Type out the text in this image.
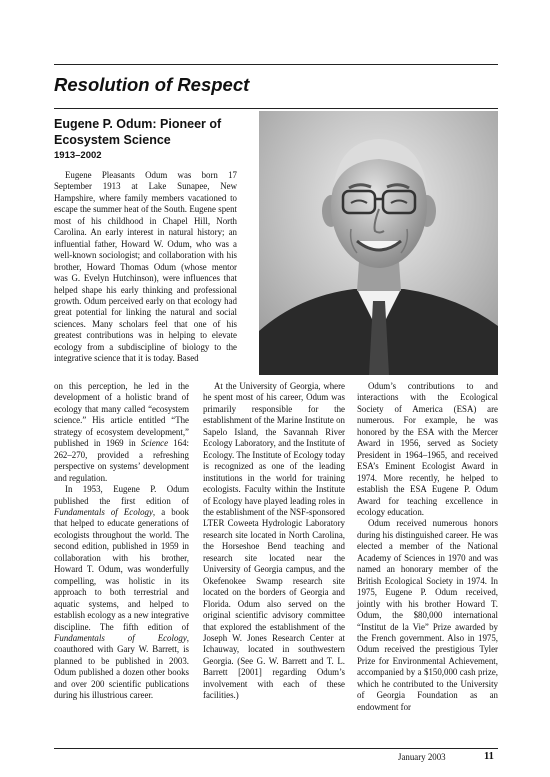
Resolution of Respect
Eugene P. Odum: Pioneer of Ecosystem Science

1913–2002

Eugene Pleasants Odum was born 17 September 1913 at Lake Sunapee, New Hampshire, where family members vacationed to escape the summer heat of the South. Eugene spent most of his childhood in Chapel Hill, North Carolina. An early interest in natural history; an influential father, Howard W. Odum, who was a well-known sociologist; and collaboration with his brother, Howard Thomas Odum (whose mentor was G. Evelyn Hutchinson), were influences that helped shape his early thinking and professional growth. Odum perceived early on that ecology had great potential for linking the natural and social sciences. Many scholars feel that one of his greatest contributions was in helping to elevate ecology from a subdiscipline of biology to the integrative science that it is today. Based

on this perception, he led in the development of a holistic brand of ecology that many called “ecosystem science.” His article entitled “The strategy of ecosystem development,” published in 1969 in Science 164: 262–270, provided a refreshing perspective on systems’ development and regulation.

In 1953, Eugene P. Odum published the first edition of Fundamentals of Ecology, a book that helped to educate generations of ecologists throughout the world. The second edition, published in 1959 in collaboration with his brother, Howard T. Odum, was wonderfully compelling, was holistic in its approach to both terrestrial and aquatic systems, and helped to establish ecology as a new integrative discipline. The fifth edition of Fundamentals of Ecology, coauthored with Gary W. Barrett, is planned to be published in 2003. Odum published a dozen other books and over 200 scientific publications during his illustrious career.

At the University of Georgia, where he spent most of his career, Odum was primarily responsible for the establishment of the Marine Institute on Sapelo Island, the Savannah River Ecology Laboratory, and the Institute of Ecology. The Institute of Ecology today is recognized as one of the leading institutions in the world for training ecologists. Faculty within the Institute of Ecology have played leading roles in the establishment of the NSF-sponsored LTER Coweeta Hydrologic Laboratory research site located in North Carolina, the Horseshoe Bend teaching and research site located near the University of Georgia campus, and the Okefenokee Swamp research site located on the borders of Georgia and Florida. Odum also served on the original scientific advisory committee that explored the establishment of the Joseph W. Jones Research Center at Ichauway, located in southwestern Georgia. (See G. W. Barrett and T. L. Barrett [2001] regarding Odum’s involvement with each of these facilities.)

Odum’s contributions to and interactions with the Ecological Society of America (ESA) are numerous. For example, he was honored by the ESA with the Mercer Award in 1956, served as Society President in 1964–1965, and received ESA’s Eminent Ecologist Award in 1974. More recently, he helped to establish the ESA Eugene P. Odum Award for teaching excellence in ecology education.

Odum received numerous honors during his distinguished career. He was elected a member of the National Academy of Sciences in 1970 and was named an honorary member of the British Ecological Society in 1974. In 1975, Eugene P. Odum received, jointly with his brother Howard T. Odum, the $80,000 international “Institut de la Vie” Prize awarded by the French government. Also in 1975, Odum received the prestigious Tyler Prize for Environmental Achievement, accompanied by a $150,000 cash prize, which he contributed to the University of Georgia Foundation as an endowment for

January 2003	11
